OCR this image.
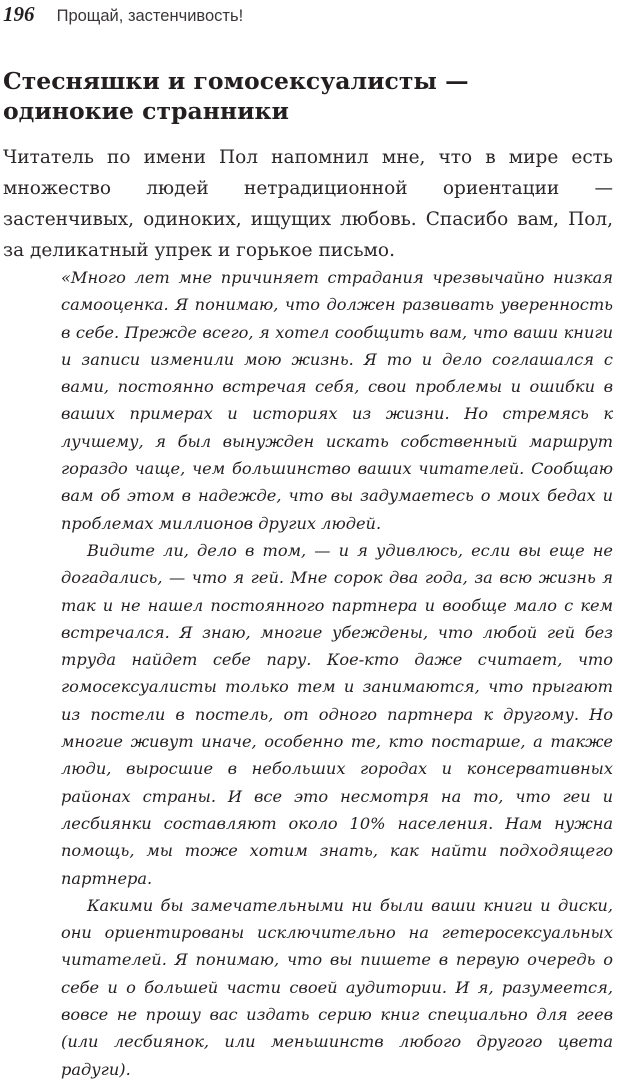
196 Прощай, застенчивость!
Стесняшки и гомосексуалисты — одинокие странники

Читатель по имени Пол напомнил мне, что в мире есть множество людей нетрадиционной ориентации — застенчивых, одиноких, ищущих любовь. Спасибо вам, Пол, за деликатный упрек и горькое письмо.

«Много лет мне причиняет страдания чрезвычайно низкая самооценка. Я понимаю, что должен развивать уверенность в себе. Прежде всего, я хотел сообщить вам, что ваши книги и записи изменили мою жизнь. Я то и дело соглашался с вами, постоянно встречая себя, свои проблемы и ошибки в ваших примерах и историях из жизни. Но стремясь к лучшему, я был вынужден искать собственный маршрут гораздо чаще, чем большинство ваших читателей. Сообщаю вам об этом в надежде, что вы задумаетесь о моих бедах и проблемах миллионов других людей.

Видите ли, дело в том, — и я удивлюсь, если вы еще не догадались, — что я гей. Мне сорок два года, за всю жизнь я так и не нашел постоянного партнера и вообще мало с кем встречался. Я знаю, многие убеждены, что любой гей без труда найдет себе пару. Кое-кто даже считает, что гомосексуалисты только тем и занимаются, что прыгают из постели в постель, от одного партнера к другому. Но многие живут иначе, особенно те, кто постарше, а также люди, выросшие в небольших городах и консервативных районах страны. И все это несмотря на то, что геи и лесбиянки составляют около 10% населения. Нам нужна помощь, мы тоже хотим знать, как найти подходящего партнера.

Какими бы замечательными ни были ваши книги и диски, они ориентированы исключительно на гетеросексуальных читателей. Я понимаю, что вы пишете в первую очередь о себе и о большей части своей аудитории. И я, разумеется, вовсе не прошу вас издать серию книг специально для геев (или лесбиянок, или меньшинств любого другого цвета радуги).
